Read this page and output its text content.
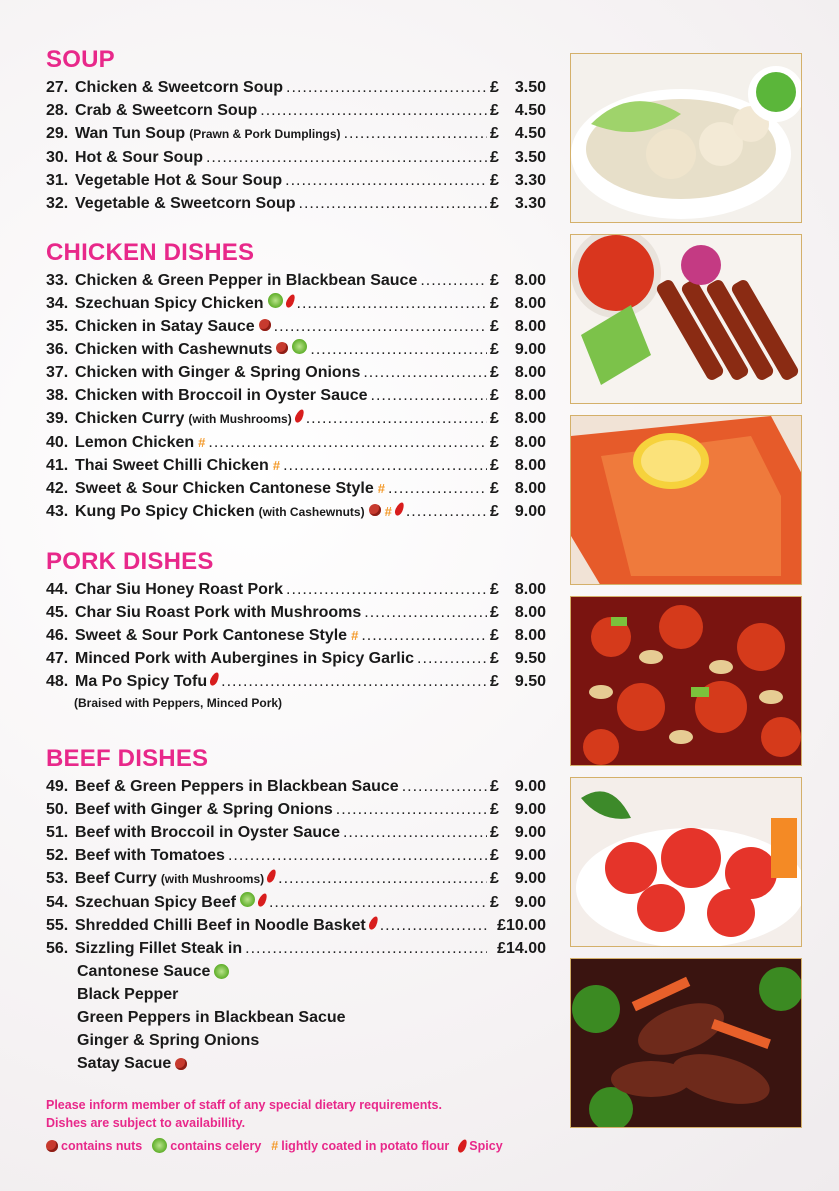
SOUP
27. Chicken & Sweetcorn Soup .....	£ 3.50
28. Crab & Sweetcorn Soup .....	£ 4.50
29. Wan Tun Soup (Prawn & Pork Dumplings) .....	£ 4.50
30. Hot & Sour Soup .....	£ 3.50
31. Vegetable Hot & Sour Soup .....	£ 3.30
32. Vegetable & Sweetcorn Soup .....	£ 3.30
CHICKEN DISHES
33. Chicken & Green Pepper in Blackbean Sauce .....	£ 8.00
34. Szechuan Spicy Chicken .....	£ 8.00
35. Chicken in Satay Sauce .....	£ 8.00
36. Chicken with Cashewnuts .....	£ 9.00
37. Chicken with Ginger & Spring Onions .....	£ 8.00
38. Chicken with Broccoil in Oyster Sauce .....	£ 8.00
39. Chicken Curry (with Mushrooms) .....	£ 8.00
40. Lemon Chicken # .....	£ 8.00
41. Thai Sweet Chilli Chicken # .....	£ 8.00
42. Sweet & Sour Chicken Cantonese Style # .....	£ 8.00
43. Kung Po Spicy Chicken (with Cashewnuts) # .....	£ 9.00
PORK DISHES
44. Char Siu Honey Roast Pork .....	£ 8.00
45. Char Siu Roast Pork with Mushrooms .....	£ 8.00
46. Sweet & Sour Pork Cantonese Style # .....	£ 8.00
47. Minced Pork with Aubergines in Spicy Garlic .....	£ 9.50
48. Ma Po Spicy Tofu .....	£ 9.50
(Braised with Peppers, Minced Pork)
BEEF DISHES
49. Beef & Green Peppers in Blackbean Sauce .....	£ 9.00
50. Beef with Ginger & Spring Onions .....	£ 9.00
51. Beef with Broccoil in Oyster Sauce .....	£ 9.00
52. Beef with Tomatoes .....	£ 9.00
53. Beef Curry (with Mushrooms) .....	£ 9.00
54. Szechuan Spicy Beef .....	£ 9.00
55. Shredded Chilli Beef in Noodle Basket .....	£10.00
56. Sizzling Fillet Steak in .....	£14.00
Cantonese Sauce
Black Pepper
Green Peppers in Blackbean Sacue
Ginger & Spring Onions
Satay Sacue
Please inform member of staff of any special dietary requirements.
Dishes are subject to availabillity.
contains nuts contains celery # lightly coated in potato flour Spicy
